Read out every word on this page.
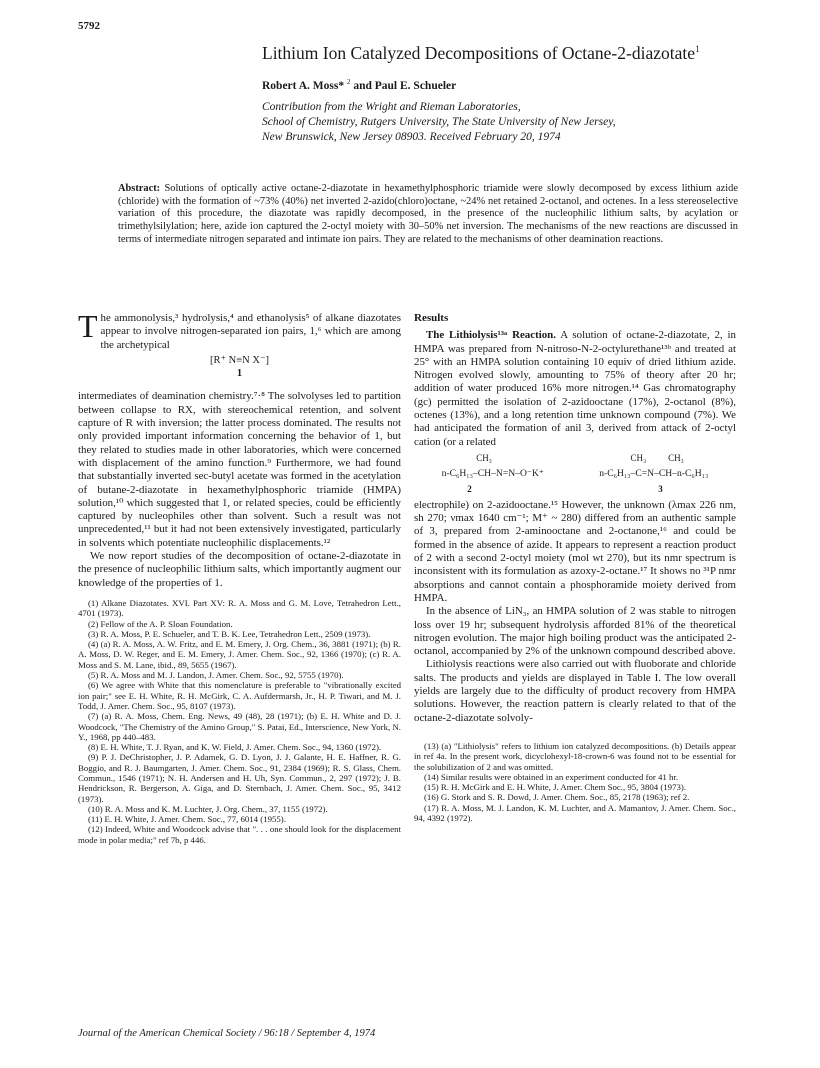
5792
Lithium Ion Catalyzed Decompositions of Octane-2-diazotate$^1$
Robert A. Moss* $^2$ and Paul E. Schueler
Contribution from the Wright and Rieman Laboratories,
School of Chemistry, Rutgers University, The State University of New Jersey,
New Brunswick, New Jersey 08903. Received February 20, 1974
Abstract: Solutions of optically active octane-2-diazotate in hexamethylphosphoric triamide were slowly decomposed by excess lithium azide (chloride) with the formation of ~73% (40%) net inverted 2-azido(chloro)octane, ~24% net retained 2-octanol, and octenes. In a less stereoselective variation of this procedure, the diazotate was rapidly decomposed, in the presence of the nucleophilic lithium salts, by acylation or trimethylsilylation; here, azide ion captured the 2-octyl moiety with 30–50% net inversion. The mechanisms of the new reactions are discussed in terms of intermediate nitrogen separated and intimate ion pairs. They are related to the mechanisms of other deamination reactions.
The ammonolysis,³ hydrolysis,⁴ and ethanolysis⁵ of alkane diazotates appear to involve nitrogen-separated ion pairs, 1,⁶ which are among the archetypical
[R⁺ N≡N X⁻]
1
intermediates of deamination chemistry.⁷·⁸ The solvolyses led to partition between collapse to RX, with stereochemical retention, and solvent capture of R with inversion; the latter process dominated. The results not only provided important information concerning the behavior of 1, but they related to studies made in other laboratories, which were concerned with displacement of the amino function.⁹ Furthermore, we had found that substantially inverted sec-butyl acetate was formed in the acetylation of butane-2-diazotate in hexamethylphosphoric triamide (HMPA) solution,¹⁰ which suggested that 1, or related species, could be efficiently captured by nucleophiles other than solvent. Such a result was not unprecedented,¹¹ but it had not been extensively investigated, particularly in solvents which potentiate nucleophilic displacements.¹²
We now report studies of the decomposition of octane-2-diazotate in the presence of nucleophilic lithium salts, which importantly augment our knowledge of the properties of 1.

(1) Alkane Diazotates. XVI. Part XV: R. A. Moss and G. M. Love, Tetrahedron Lett., 4701 (1973).

(2) Fellow of the A. P. Sloan Foundation.

(3) R. A. Moss, P. E. Schueler, and T. B. K. Lee, Tetrahedron Lett., 2509 (1973).

(4) (a) R. A. Moss, A. W. Fritz, and E. M. Emery, J. Org. Chem., 36, 3881 (1971); (b) R. A. Moss, D. W. Reger, and E. M. Emery, J. Amer. Chem. Soc., 92, 1366 (1970); (c) R. A. Moss and S. M. Lane, ibid., 89, 5655 (1967).

(5) R. A. Moss and M. J. Landon, J. Amer. Chem. Soc., 92, 5755 (1970).

(6) We agree with White that this nomenclature is preferable to "vibrationally excited ion pair;" see E. H. White, R. H. McGirk, C. A. Aufdermarsh, Jr., H. P. Tiwari, and M. J. Todd, J. Amer. Chem. Soc., 95, 8107 (1973).

(7) (a) R. A. Moss, Chem. Eng. News, 49 (48), 28 (1971); (b) E. H. White and D. J. Woodcock, "The Chemistry of the Amino Group," S. Patai, Ed., Interscience, New York, N. Y., 1968, pp 440–483.

(8) E. H. White, T. J. Ryan, and K. W. Field, J. Amer. Chem. Soc., 94, 1360 (1972).

(9) P. J. DeChristopher, J. P. Adamek, G. D. Lyon, J. J. Galante, H. E. Haffner, R. G. Boggio, and R. J. Baumgarten, J. Amer. Chem. Soc., 91, 2384 (1969); R. S. Glass, Chem. Commun., 1546 (1971); N. H. Andersen and H. Uh, Syn. Commun., 2, 297 (1972); J. B. Hendrickson, R. Bergerson, A. Giga, and D. Sternbach, J. Amer. Chem. Soc., 95, 3412 (1973).

(10) R. A. Moss and K. M. Luchter, J. Org. Chem., 37, 1155 (1972).

(11) E. H. White, J. Amer. Chem. Soc., 77, 6014 (1955).

(12) Indeed, White and Woodcock advise that ". . . one should look for the displacement mode in polar media;" ref 7b, p 446.

Results
The Lithiolysis¹³ᵃ Reaction. A solution of octane-2-diazotate, 2, in HMPA was prepared from N-nitroso-N-2-octylurethane¹³ᵇ and treated at 25° with an HMPA solution containing 10 equiv of dried lithium azide. Nitrogen evolved slowly, amounting to 75% of theory after 20 hr; addition of water produced 16% more nitrogen.¹⁴ Gas chromatography (gc) permitted the isolation of 2-azidooctane (17%), 2-octanol (8%), octenes (13%), and a long retention time unknown compound (7%). We had anticipated the formation of anil 3, derived from attack of 2-octyl cation (or a related
CH₃	CH₃ CH₃
n-C₆H₁₃–CH–N=N–O⁻K⁺	n-C₆H₁₃–C=N–CH–n-C₆H₁₃
2	3
electrophile) on 2-azidooctane.¹⁵ However, the unknown (λmax 226 nm, sh 270; νmax 1640 cm⁻¹; M⁺ ~ 280) differed from an authentic sample of 3, prepared from 2-aminooctane and 2-octanone,¹⁶ and could be formed in the absence of azide. It appears to represent a reaction product of 2 with a second 2-octyl moiety (mol wt 270), but its nmr spectrum is inconsistent with its formulation as azoxy-2-octane.¹⁷ It shows no ³¹P nmr absorptions and cannot contain a phosphoramide moiety derived from HMPA.
In the absence of LiN₃, an HMPA solution of 2 was stable to nitrogen loss over 19 hr; subsequent hydrolysis afforded 81% of the theoretical nitrogen evolution. The major high boiling product was the anticipated 2-octanol, accompanied by 2% of the unknown compound described above.
Lithiolysis reactions were also carried out with fluoborate and chloride salts. The products and yields are displayed in Table I. The low overall yields are largely due to the difficulty of product recovery from HMPA solutions. However, the reaction pattern is clearly related to that of the octane-2-diazotate solvoly-

(13) (a) "Lithiolysis" refers to lithium ion catalyzed decompositions. (b) Details appear in ref 4a. In the present work, dicyclohexyl-18-crown-6 was found not to be essential for the solubilization of 2 and was omitted.

(14) Similar results were obtained in an experiment conducted for 41 hr.

(15) R. H. McGirk and E. H. White, J. Amer. Chem Soc., 95, 3804 (1973).

(16) G. Stork and S. R. Dowd, J. Amer. Chem. Soc., 85, 2178 (1963); ref 2.

(17) R. A. Moss, M. J. Landon, K. M. Luchter, and A. Mamantov, J. Amer. Chem. Soc., 94, 4392 (1972).

Journal of the American Chemical Society / 96:18 / September 4, 1974
